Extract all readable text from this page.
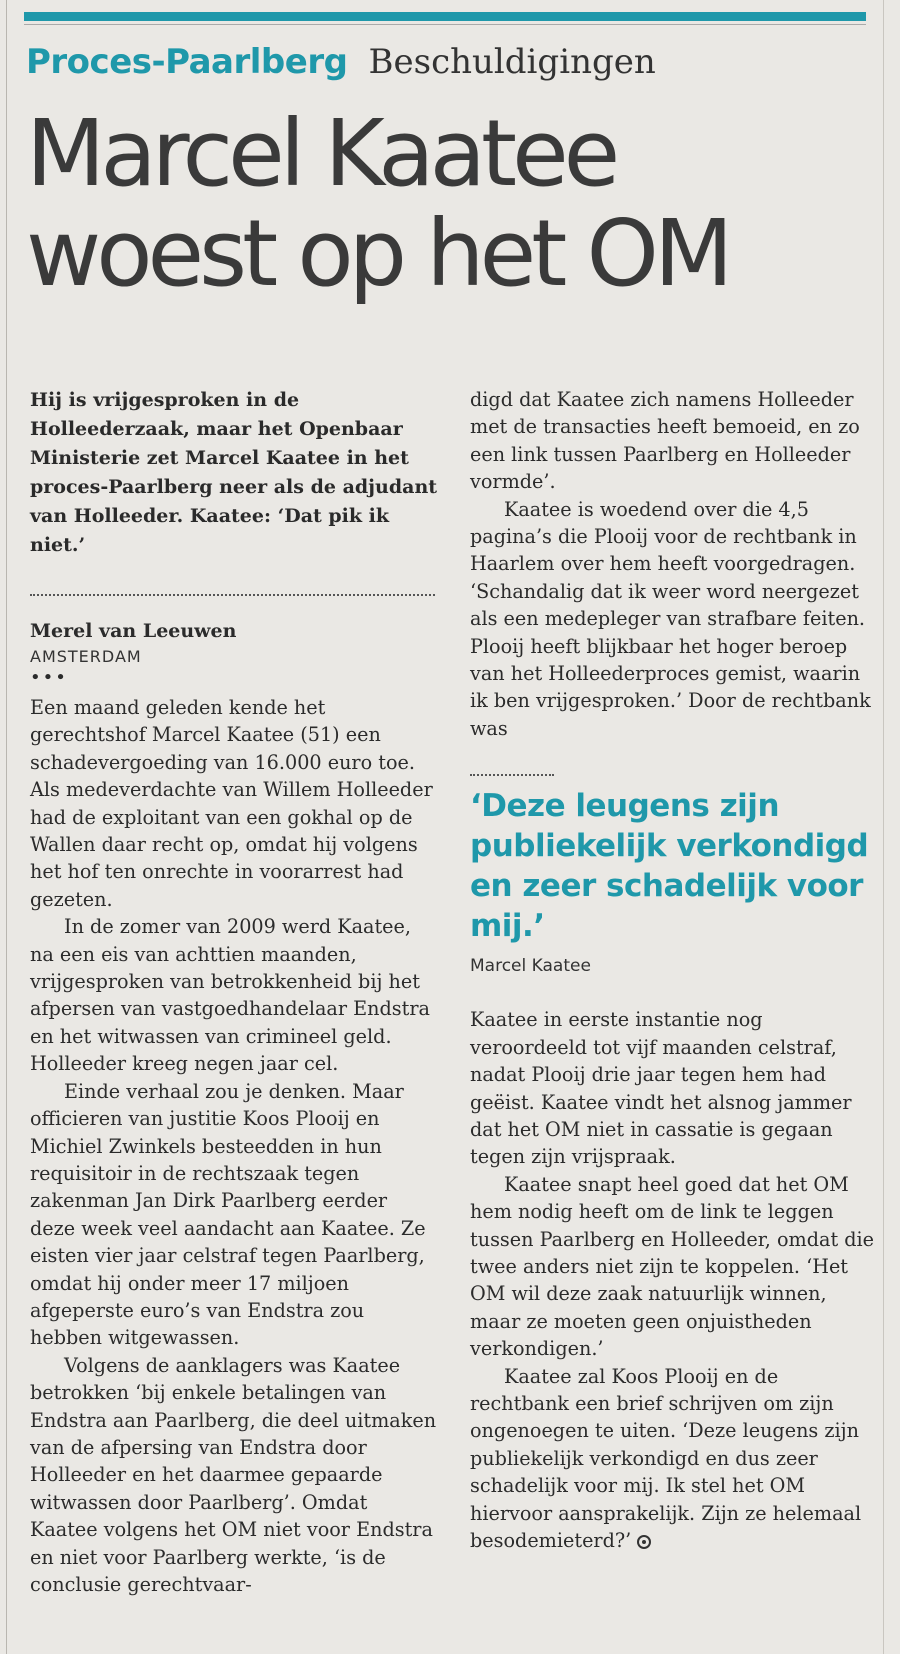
Proces-Paarlberg Beschuldigingen
Marcel Kaatee woest op het OM

Hij is vrijgesproken in de Holleederzaak, maar het Openbaar Ministerie zet Marcel Kaatee in het proces-Paarlberg neer als de adjudant van Holleeder. Kaatee: ‘Dat pik ik niet.’

Merel van Leeuwen
AMSTERDAM
•••

Een maand geleden kende het gerechtshof Marcel Kaatee (51) een schadevergoeding van 16.000 euro toe. Als medeverdachte van Willem Holleeder had de exploitant van een gokhal op de Wallen daar recht op, omdat hij volgens het hof ten onrechte in voorarrest had gezeten.

In de zomer van 2009 werd Kaatee, na een eis van achttien maanden, vrijgesproken van betrokkenheid bij het afpersen van vastgoedhandelaar Endstra en het witwassen van crimineel geld. Holleeder kreeg negen jaar cel.

Einde verhaal zou je denken. Maar officieren van justitie Koos Plooij en Michiel Zwinkels besteedden in hun requisitoir in de rechtszaak tegen zakenman Jan Dirk Paarlberg eerder deze week veel aandacht aan Kaatee. Ze eisten vier jaar celstraf tegen Paarlberg, omdat hij onder meer 17 miljoen afgeperste euro’s van Endstra zou hebben witgewassen.

Volgens de aanklagers was Kaatee betrokken ‘bij enkele betalingen van Endstra aan Paarlberg, die deel uitmaken van de afpersing van Endstra door Holleeder en het daarmee gepaarde witwassen door Paarlberg’. Omdat Kaatee volgens het OM niet voor Endstra en niet voor Paarlberg werkte, ‘is de conclusie gerechtvaar-

digd dat Kaatee zich namens Holleeder met de transacties heeft bemoeid, en zo een link tussen Paarlberg en Holleeder vormde’.

Kaatee is woedend over die 4,5 pagina’s die Plooij voor de rechtbank in Haarlem over hem heeft voorgedragen. ‘Schandalig dat ik weer word neergezet als een medepleger van strafbare feiten. Plooij heeft blijkbaar het hoger beroep van het Holleederproces gemist, waarin ik ben vrijgesproken.’ Door de rechtbank was

‘Deze leugens zijn publiekelijk verkondigd en zeer schadelijk voor mij.’

Marcel Kaatee

Kaatee in eerste instantie nog veroordeeld tot vijf maanden celstraf, nadat Plooij drie jaar tegen hem had geëist. Kaatee vindt het alsnog jammer dat het OM niet in cassatie is gegaan tegen zijn vrijspraak.

Kaatee snapt heel goed dat het OM hem nodig heeft om de link te leggen tussen Paarlberg en Holleeder, omdat die twee anders niet zijn te koppelen. ‘Het OM wil deze zaak natuurlijk winnen, maar ze moeten geen onjuistheden verkondigen.’

Kaatee zal Koos Plooij en de rechtbank een brief schrijven om zijn ongenoegen te uiten. ‘Deze leugens zijn publiekelijk verkondigd en dus zeer schadelijk voor mij. Ik stel het OM hiervoor aansprakelijk. Zijn ze helemaal besodemieterd?’
